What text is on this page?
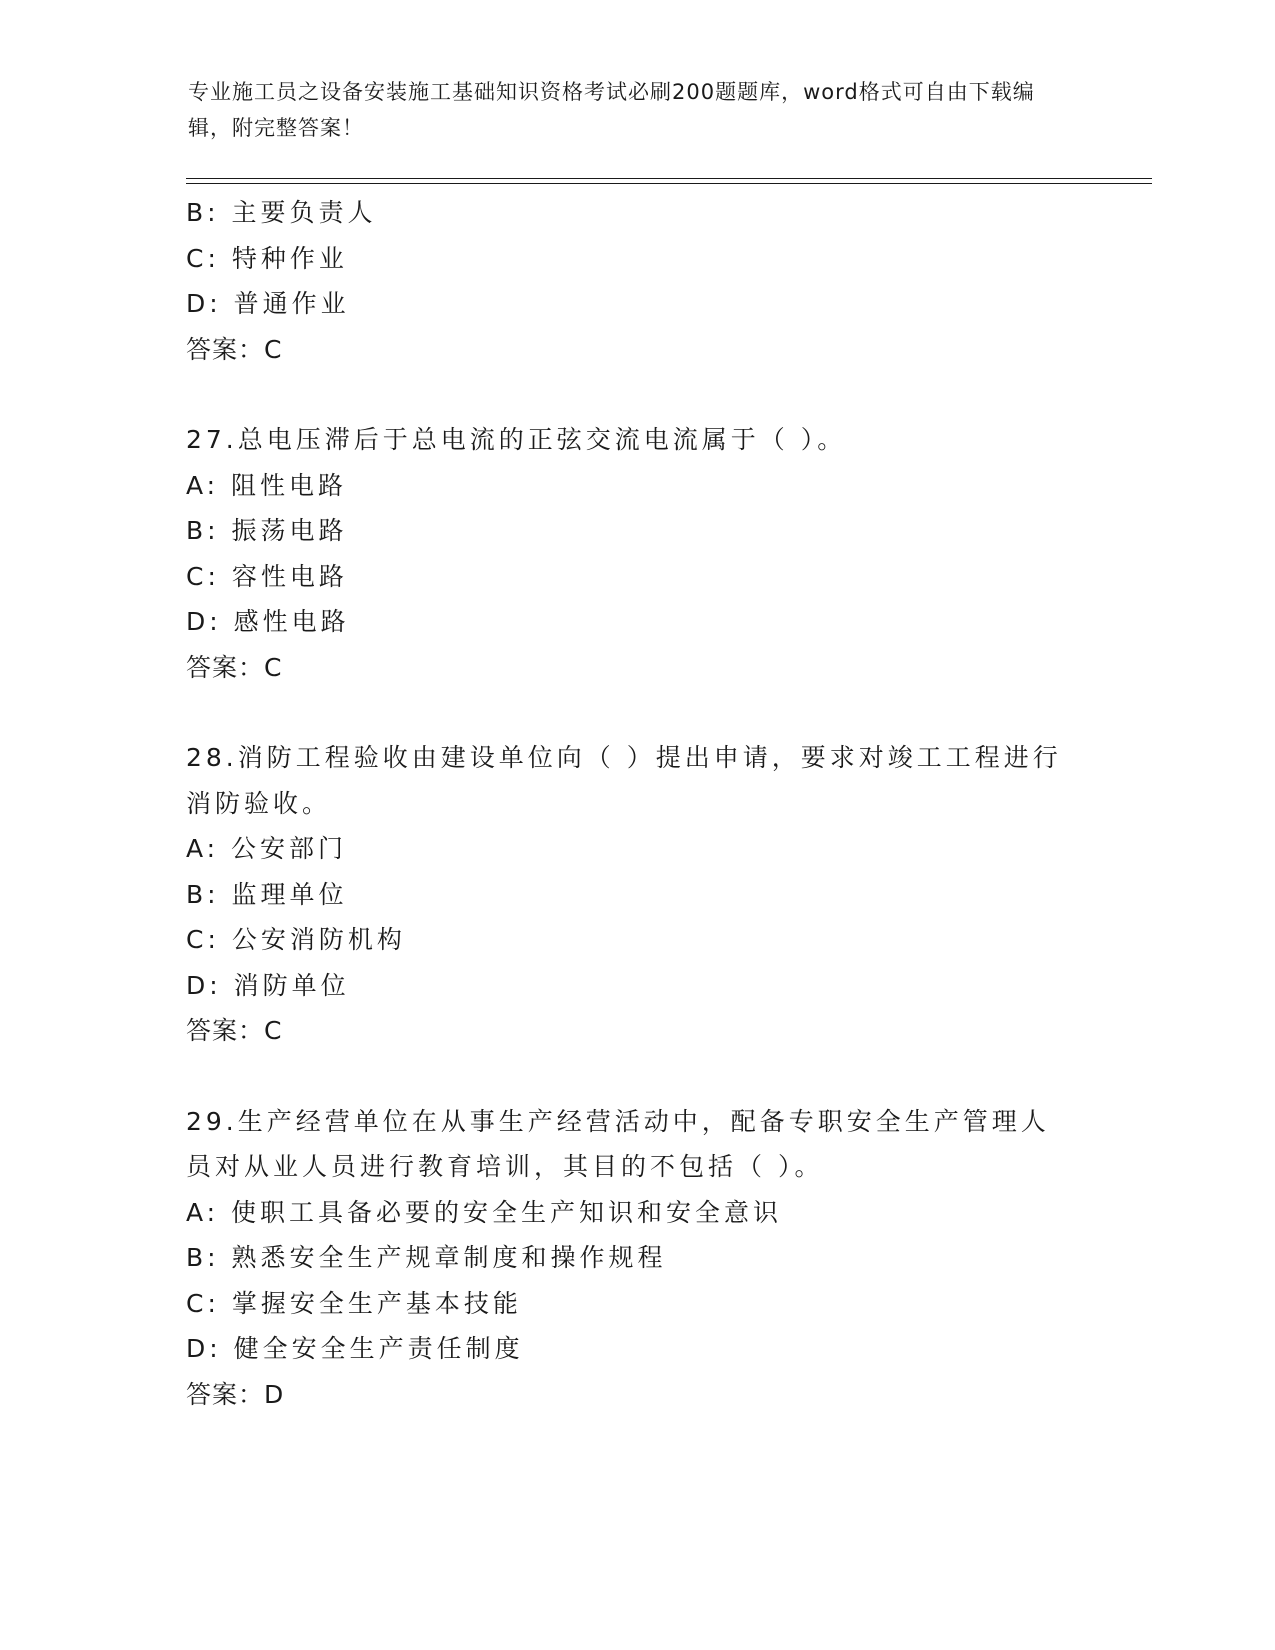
专业施工员之设备安装施工基础知识资格考试必刷200题题库，word格式可自由下载编辑，附完整答案！
B: 主要负责人
C: 特种作业
D: 普通作业
答案：C
27.总电压滞后于总电流的正弦交流电流属于（ ）。
A: 阻性电路
B: 振荡电路
C: 容性电路
D: 感性电路
答案：C
28.消防工程验收由建设单位向（ ）提出申请，要求对竣工工程进行消防验收。
A: 公安部门
B: 监理单位
C: 公安消防机构
D: 消防单位
答案：C
29.生产经营单位在从事生产经营活动中，配备专职安全生产管理人员对从业人员进行教育培训，其目的不包括（ ）。
A: 使职工具备必要的安全生产知识和安全意识
B: 熟悉安全生产规章制度和操作规程
C: 掌握安全生产基本技能
D: 健全安全生产责任制度
答案：D
